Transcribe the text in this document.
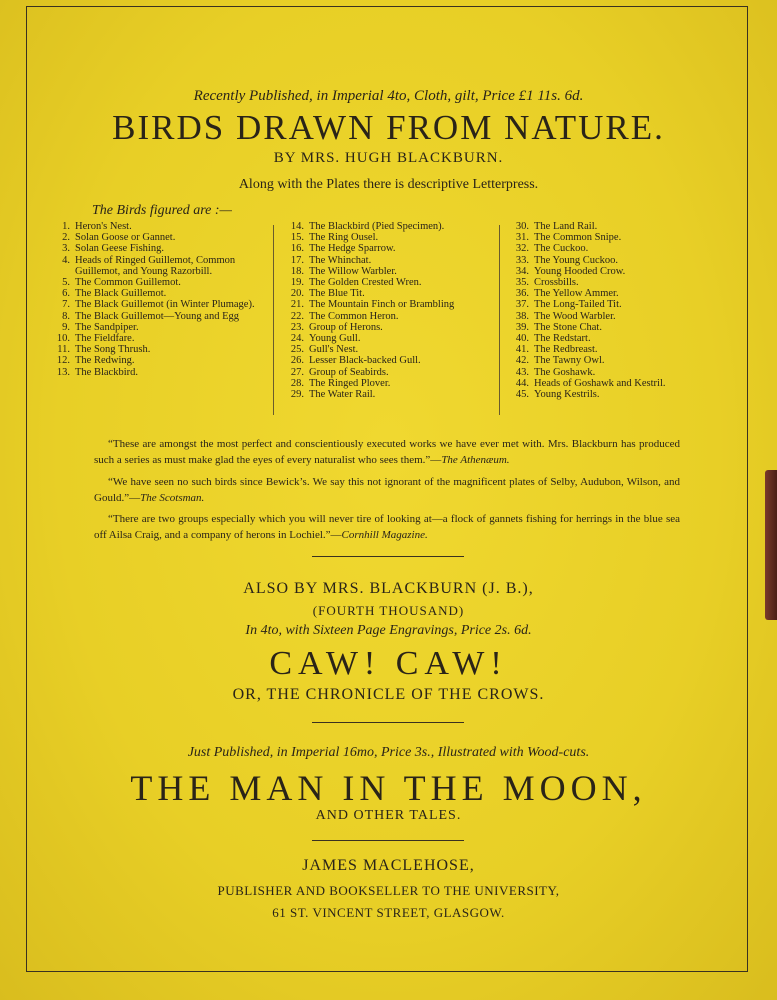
Recently Published, in Imperial 4to, Cloth, gilt, Price £1 11s. 6d.
BIRDS DRAWN FROM NATURE.
BY MRS. HUGH BLACKBURN.
Along with the Plates there is descriptive Letterpress.
The Birds figured are :—
1. Heron's Nest.
2. Solan Goose or Gannet.
3. Solan Geese Fishing.
4. Heads of Ringed Guillemot, Common Guillemot, and Young Razorbill.
5. The Common Guillemot.
6. The Black Guillemot.
7. The Black Guillemot (in Winter Plumage).
8. The Black Guillemot—Young and Egg
9. The Sandpiper.
10. The Fieldfare.
11. The Song Thrush.
12. The Redwing.
13. The Blackbird.
14. The Blackbird (Pied Specimen).
15. The Ring Ousel.
16. The Hedge Sparrow.
17. The Whinchat.
18. The Willow Warbler.
19. The Golden Crested Wren.
20. The Blue Tit.
21. The Mountain Finch or Brambling
22. The Common Heron.
23. Group of Herons.
24. Young Gull.
25. Gull's Nest.
26. Lesser Black-backed Gull.
27. Group of Seabirds.
28. The Ringed Plover.
29. The Water Rail.
30. The Land Rail.
31. The Common Snipe.
32. The Cuckoo.
33. The Young Cuckoo.
34. Young Hooded Crow.
35. Crossbills.
36. The Yellow Ammer.
37. The Long-Tailed Tit.
38. The Wood Warbler.
39. The Stone Chat.
40. The Redstart.
41. The Redbreast.
42. The Tawny Owl.
43. The Goshawk.
44. Heads of Goshawk and Kestril.
45. Young Kestrils.
“These are amongst the most perfect and conscientiously executed works we have ever met with. Mrs. Blackburn has produced such a series as must make glad the eyes of every naturalist who sees them.”—The Athenæum.
“We have seen no such birds since Bewick’s. We say this not ignorant of the magnificent plates of Selby, Audubon, Wilson, and Gould.”—The Scotsman.
“There are two groups especially which you will never tire of looking at—a flock of gannets fishing for herrings in the blue sea off Ailsa Craig, and a company of herons in Lochiel.”—Cornhill Magazine.
ALSO BY MRS. BLACKBURN (J. B.),
(FOURTH THOUSAND)
In 4to, with Sixteen Page Engravings, Price 2s. 6d.
CAW! CAW!
OR, THE CHRONICLE OF THE CROWS.
Just Published, in Imperial 16mo, Price 3s., Illustrated with Wood-cuts.
THE MAN IN THE MOON,
AND OTHER TALES.
JAMES MACLEHOSE,
PUBLISHER AND BOOKSELLER TO THE UNIVERSITY,
61 ST. VINCENT STREET, GLASGOW.
